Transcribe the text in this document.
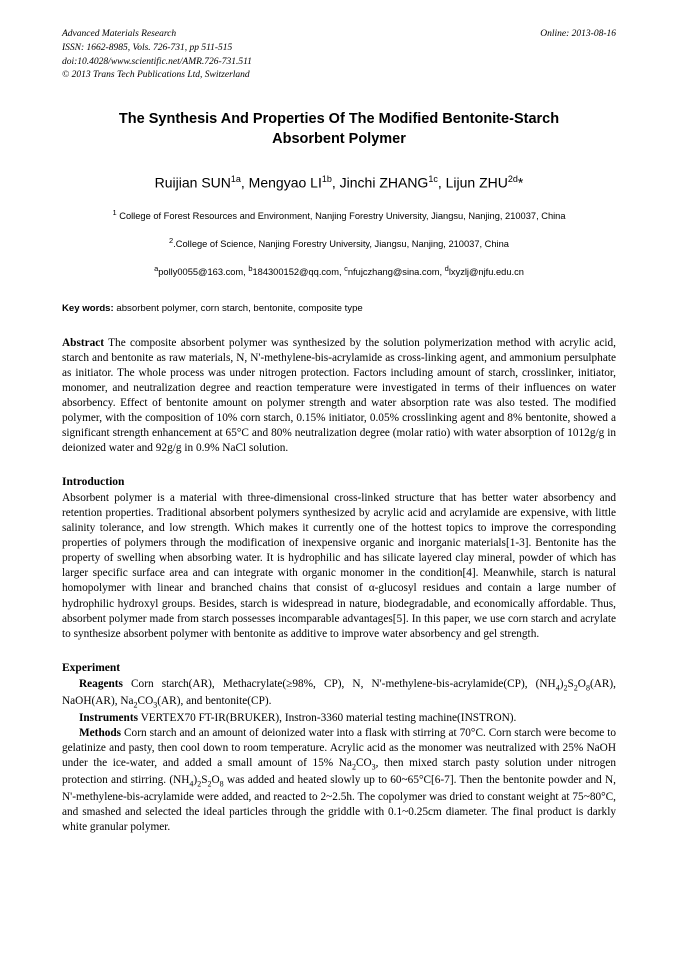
Advanced Materials Research
ISSN: 1662-8985, Vols. 726-731, pp 511-515
doi:10.4028/www.scientific.net/AMR.726-731.511
© 2013 Trans Tech Publications Ltd, Switzerland
Online: 2013-08-16
The Synthesis And Properties Of The Modified Bentonite-Starch Absorbent Polymer
Ruijian $SUN^{1a}$, Mengyao $LI^{1b}$, Jinchi $ZHANG^{1c}$, Lijun $ZHU^{2d}*$
$^1$ College of Forest Resources and Environment, Nanjing Forestry University, Jiangsu, Nanjing, 210037, China
$^2$.College of Science, Nanjing Forestry University, Jiangsu, Nanjing, 210037, China
$^a$polly0055@163.com, $^b$184300152@qq.com, $^c$nfujczhang@sina.com, $^d$lxyzlj@njfu.edu.cn
Key words: absorbent polymer, corn starch, bentonite, composite type
Abstract The composite absorbent polymer was synthesized by the solution polymerization method with acrylic acid, starch and bentonite as raw materials, N, N'-methylene-bis-acrylamide as cross-linking agent, and ammonium persulphate as initiator. The whole process was under nitrogen protection. Factors including amount of starch, crosslinker, initiator, monomer, and neutralization degree and reaction temperature were investigated in terms of their influences on water absorbency. Effect of bentonite amount on polymer strength and water absorption rate was also tested. The modified polymer, with the composition of 10% corn starch, 0.15% initiator, 0.05% crosslinking agent and 8% bentonite, showed a significant strength enhancement at 65°C and 80% neutralization degree (molar ratio) with water absorption of 1012g/g in deionized water and 92g/g in 0.9% NaCl solution.
Introduction

Absorbent polymer is a material with three-dimensional cross-linked structure that has better water absorbency and retention properties. Traditional absorbent polymers synthesized by acrylic acid and acrylamide are expensive, with little salinity tolerance, and low strength. Which makes it currently one of the hottest topics to improve the corresponding properties of polymers through the modification of inexpensive organic and inorganic materials[1-3]. Bentonite has the property of swelling when absorbing water. It is hydrophilic and has silicate layered clay mineral, powder of which has larger specific surface area and can integrate with organic monomer in the condition[4]. Meanwhile, starch is natural homopolymer with linear and branched chains that consist of α-glucosyl residues and contain a large number of hydrophilic hydroxyl groups. Besides, starch is widespread in nature, biodegradable, and economically affordable. Thus, absorbent polymer made from starch possesses incomparable advantages[5]. In this paper, we use corn starch and acrylate to synthesize absorbent polymer with bentonite as additive to improve water absorbency and gel strength.

Experiment

Reagents Corn starch(AR), Methacrylate(≥98%, CP), N, N'-methylene-bis-acrylamide(CP), $(NH_4)_2S_2O_8(AR)$, NaOH(AR), $Na_2CO_3(AR)$, and bentonite(CP).

Instruments VERTEX70 FT-IR(BRUKER), Instron-3360 material testing machine(INSTRON).

Methods Corn starch and an amount of deionized water into a flask with stirring at 70°C. Corn starch were become to gelatinize and pasty, then cool down to room temperature. Acrylic acid as the monomer was neutralized with 25% NaOH under the ice-water, and added a small amount of 15% $Na_2CO_3$, then mixed starch pasty solution under nitrogen protection and stirring. $(NH_4)_2S_2O_8$ was added and heated slowly up to 60~65°C[6-7]. Then the bentonite powder and N, N'-methylene-bis-acrylamide were added, and reacted to 2~2.5h. The copolymer was dried to constant weight at 75~80°C, and smashed and selected the ideal particles through the griddle with 0.1~0.25cm diameter. The final product is darkly white granular polymer.
